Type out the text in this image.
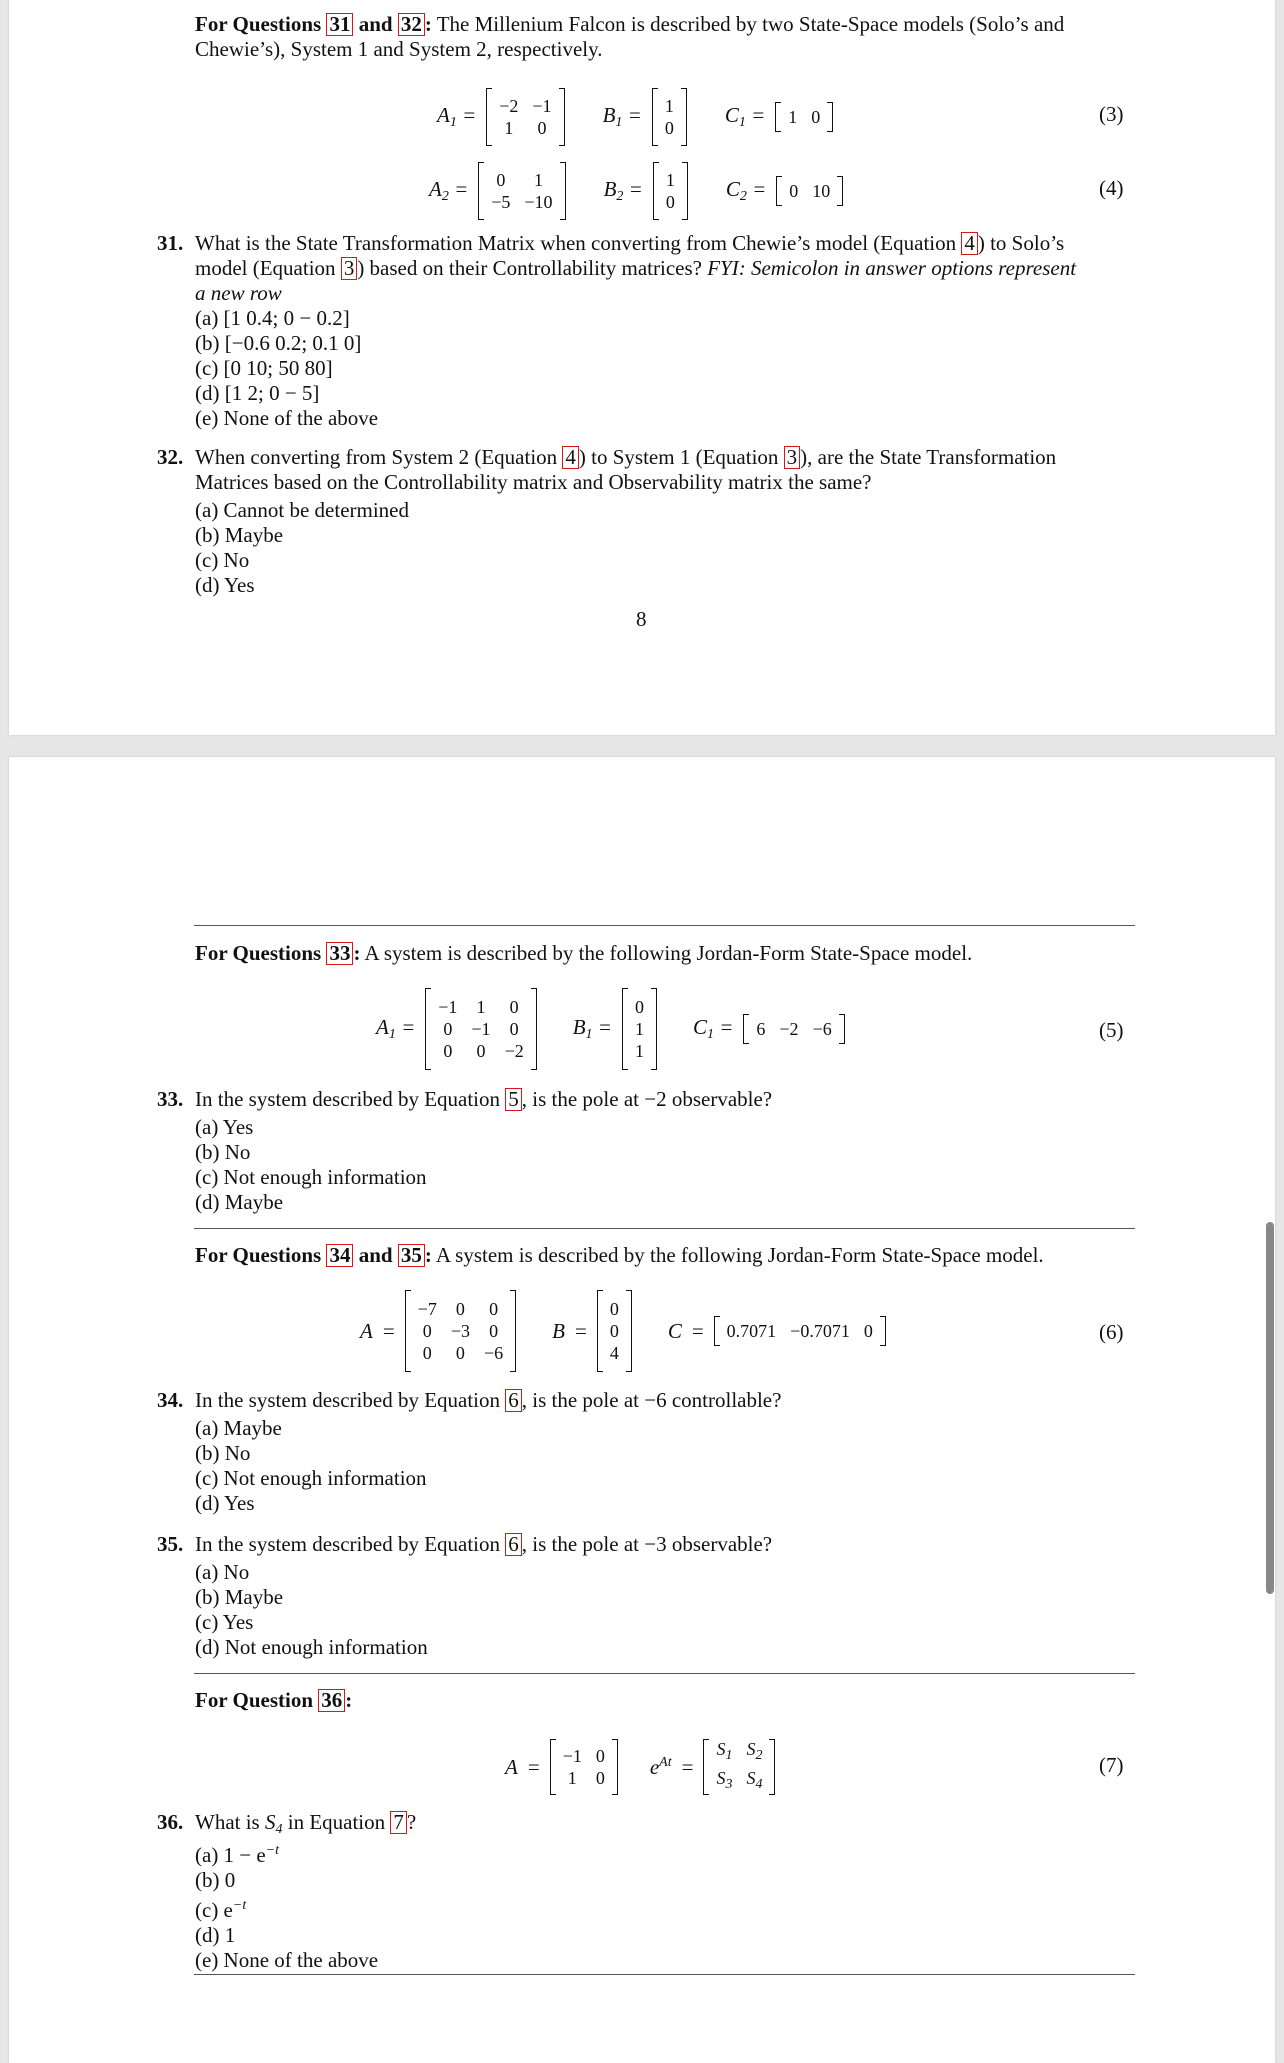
For Questions 31 and 32 : The Millenium Falcon is described by two State-Space models (Solo’s and
Chewie’s), System 1 and System 2, respectively.
$A_1 = -2$	−1
1	0
$B_1 = 1$
0
$C_1 = 1$	0	(3)
$A_2 = 0$	1
−5	−10
$B_2 = 1$
0
$C_2 = 0$	10	(4)
31. What is the State Transformation Matrix when converting from Chewie’s model (Equation 4 ) to Solo’s
model (Equation 3 ) based on their Controllability matrices? FYI: Semicolon in answer options represent
a new row
(a) [1 0.4; 0 − 0.2]
(b) [−0.6 0.2; 0.1 0]
(c) [0 10; 50 80]
(d) [1 2; 0 − 5]
(e) None of the above
32. When converting from System 2 (Equation 4 ) to System 1 (Equation 3 ), are the State Transformation
Matrices based on the Controllability matrix and Observability matrix the same?
(a) Cannot be determined
(b) Maybe
(c) No
(d) Yes
8
For Questions 33 : A system is described by the following Jordan-Form State-Space model.
$A_1$ =
−1	1	0
0	−1	0
0	0	−2
$B_1$ =
0
1
1
$C_1 = 6$	−2	−6	(5)
33. In the system described by Equation 5 , is the pole at −2 observable?
(a) Yes
(b) No
(c) Not enough information
(d) Maybe
For Questions 34 and 35 : A system is described by the following Jordan-Form State-Space model.
A =
−7	0	0
0	−3	0
0	0	−6
B =
0
0
4
C = 0.7071	−0.7071	0	(6)
34. In the system described by Equation 6 , is the pole at −6 controllable?
(a) Maybe
(b) No
(c) Not enough information
(d) Yes
35. In the system described by Equation 6 , is the pole at −3 observable?
(a) No
(b) Maybe
(c) Yes
(d) Not enough information
For Question 36 :
A = −1	0
1	0 $e^{At}$ =
$S_1$	$S_2$
$S_3$	$S_4$
(7)
36. What is $S_4$ in Equation 7 ?
(a) $1 - e^{-t}$
(b) 0
(c) $e^{-t}$
(d) 1
(e) None of the above
